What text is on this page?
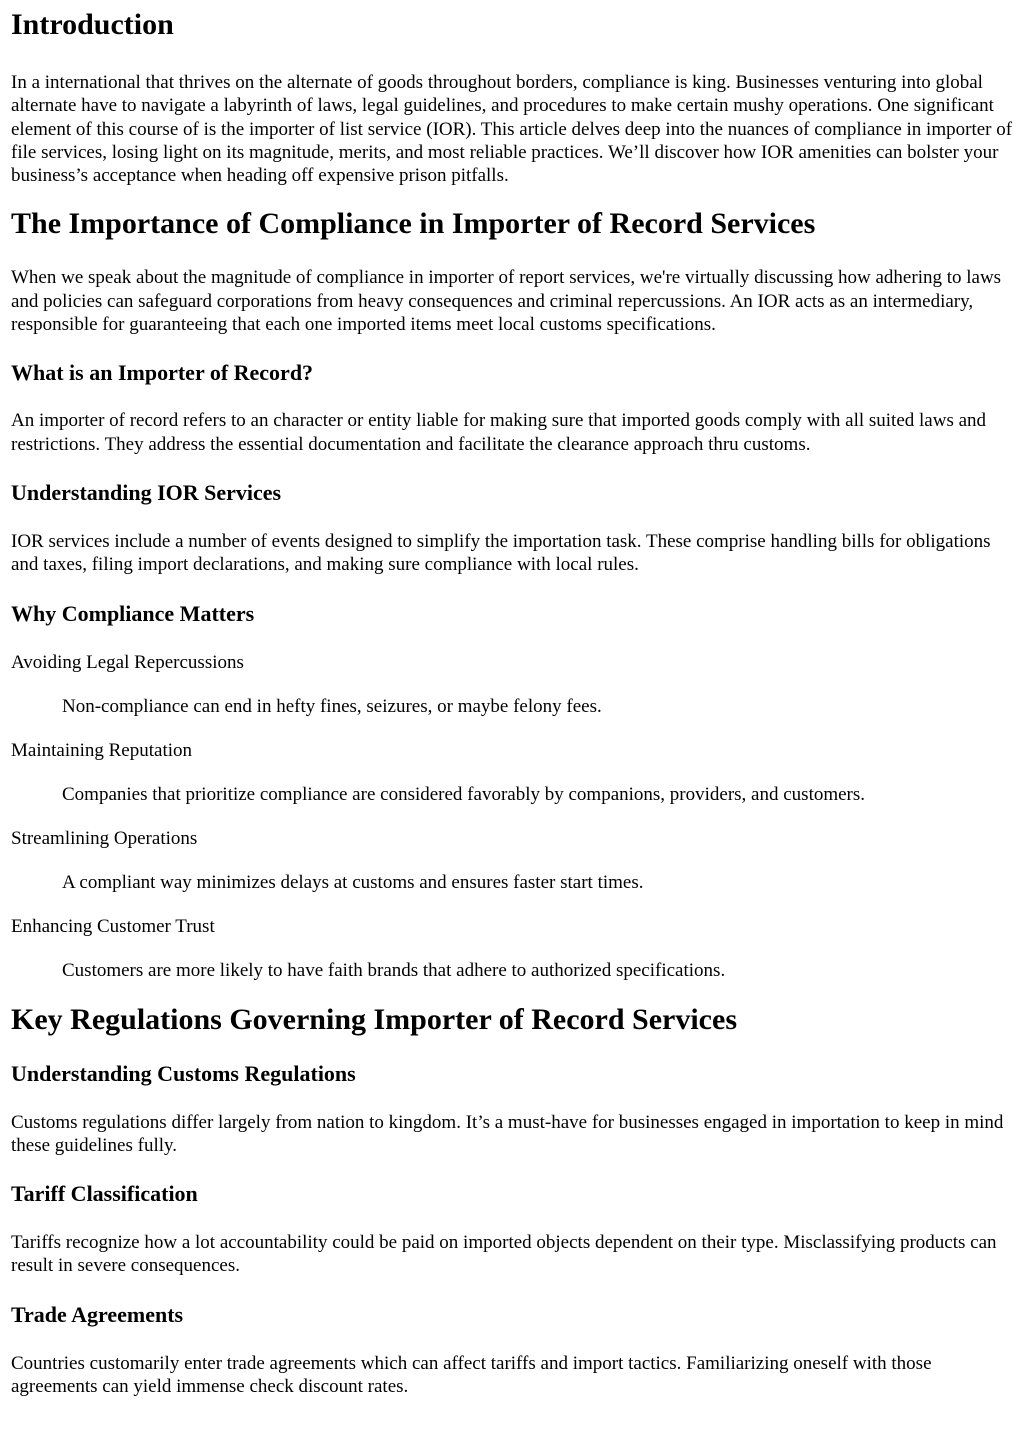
Introduction

In a international that thrives on the alternate of goods throughout borders, compliance is king. Businesses venturing into global alternate have to navigate a labyrinth of laws, legal guidelines, and procedures to make certain mushy operations. One significant element of this course of is the importer of list service (IOR). This article delves deep into the nuances of compliance in importer of file services, losing light on its magnitude, merits, and most reliable practices. We’ll discover how IOR amenities can bolster your business’s acceptance when heading off expensive prison pitfalls.

The Importance of Compliance in Importer of Record Services

When we speak about the magnitude of compliance in importer of report services, we're virtually discussing how adhering to laws and policies can safeguard corporations from heavy consequences and criminal repercussions. An IOR acts as an intermediary, responsible for guaranteeing that each one imported items meet local customs specifications.

What is an Importer of Record?

An importer of record refers to an character or entity liable for making sure that imported goods comply with all suited laws and restrictions. They address the essential documentation and facilitate the clearance approach thru customs.

Understanding IOR Services

IOR services include a number of events designed to simplify the importation task. These comprise handling bills for obligations and taxes, filing import declarations, and making sure compliance with local rules.

Why Compliance Matters
Avoiding Legal Repercussions
Non-compliance can end in hefty fines, seizures, or maybe felony fees.
Maintaining Reputation
Companies that prioritize compliance are considered favorably by companions, providers, and customers.
Streamlining Operations
A compliant way minimizes delays at customs and ensures faster start times.
Enhancing Customer Trust
Customers are more likely to have faith brands that adhere to authorized specifications.
Key Regulations Governing Importer of Record Services
Understanding Customs Regulations

Customs regulations differ largely from nation to kingdom. It’s a must-have for businesses engaged in importation to keep in mind these guidelines fully.

Tariff Classification

Tariffs recognize how a lot accountability could be paid on imported objects dependent on their type. Misclassifying products can result in severe consequences.

Trade Agreements

Countries customarily enter trade agreements which can affect tariffs and import tactics. Familiarizing oneself with those agreements can yield immense check discount rates.
